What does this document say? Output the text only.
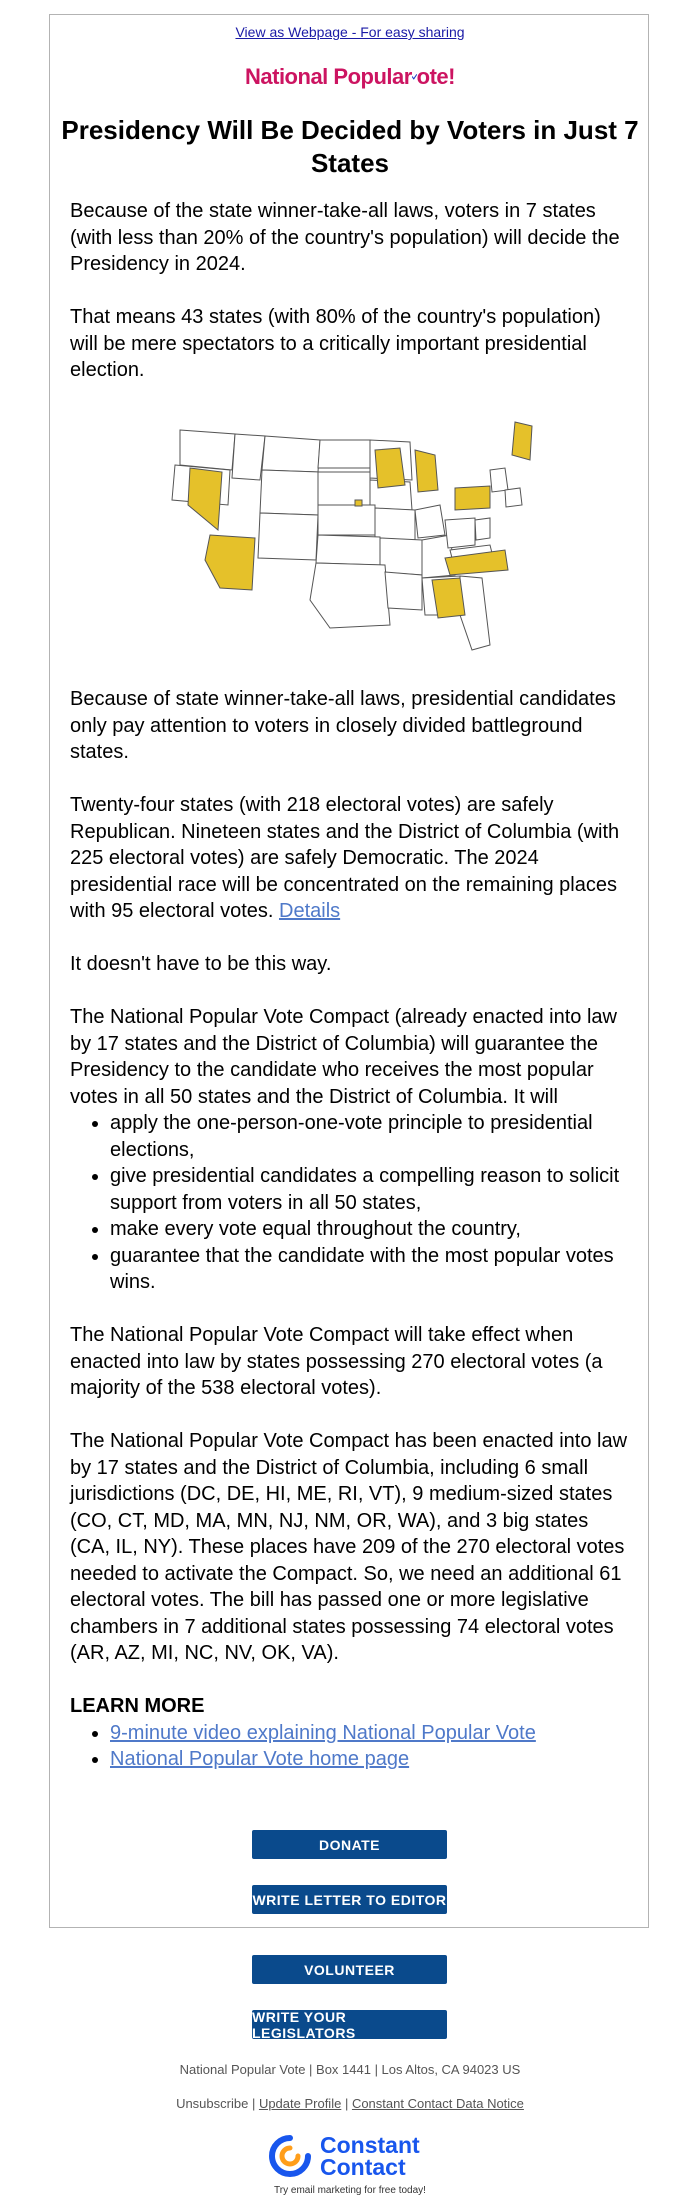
View as Webpage - For easy sharing
National Popular ote!
Presidency Will Be Decided by Voters in Just 7 States

Because of the state winner-take-all laws, voters in 7 states (with less than 20% of the country's population) will decide the Presidency in 2024.

That means 43 states (with 80% of the country's population) will be mere spectators to a critically important presidential election.

Because of state winner-take-all laws, presidential candidates only pay attention to voters in closely divided battleground states.

Twenty-four states (with 218 electoral votes) are safely Republican. Nineteen states and the District of Columbia (with 225 electoral votes) are safely Democratic. The 2024 presidential race will be concentrated on the remaining places with 95 electoral votes. Details

It doesn't have to be this way.

The National Popular Vote Compact (already enacted into law by 17 states and the District of Columbia) will guarantee the Presidency to the candidate who receives the most popular votes in all 50 states and the District of Columbia. It will

• apply the one-person-one-vote principle to presidential elections,
• give presidential candidates a compelling reason to solicit support from voters in all 50 states,
• make every vote equal throughout the country,
• guarantee that the candidate with the most popular votes wins.

The National Popular Vote Compact will take effect when enacted into law by states possessing 270 electoral votes (a majority of the 538 electoral votes).

The National Popular Vote Compact has been enacted into law by 17 states and the District of Columbia, including 6 small jurisdictions (DC, DE, HI, ME, RI, VT), 9 medium-sized states (CO, CT, MD, MA, MN, NJ, NM, OR, WA), and 3 big states (CA, IL, NY). These places have 209 of the 270 electoral votes needed to activate the Compact. So, we need an additional 61 electoral votes. The bill has passed one or more legislative chambers in 7 additional states possessing 74 electoral votes (AR, AZ, MI, NC, NV, OK, VA).

LEARN MORE

• 9-minute video explaining National Popular Vote
• National Popular Vote home page
DONATE
WRITE LETTER TO EDITOR
VOLUNTEER
WRITE YOUR LEGISLATORS
National Popular Vote | Box 1441 | Los Altos, CA 94023 US
Unsubscribe | Update Profile | Constant Contact Data Notice
Constant
Contact
Try email marketing for free today!
